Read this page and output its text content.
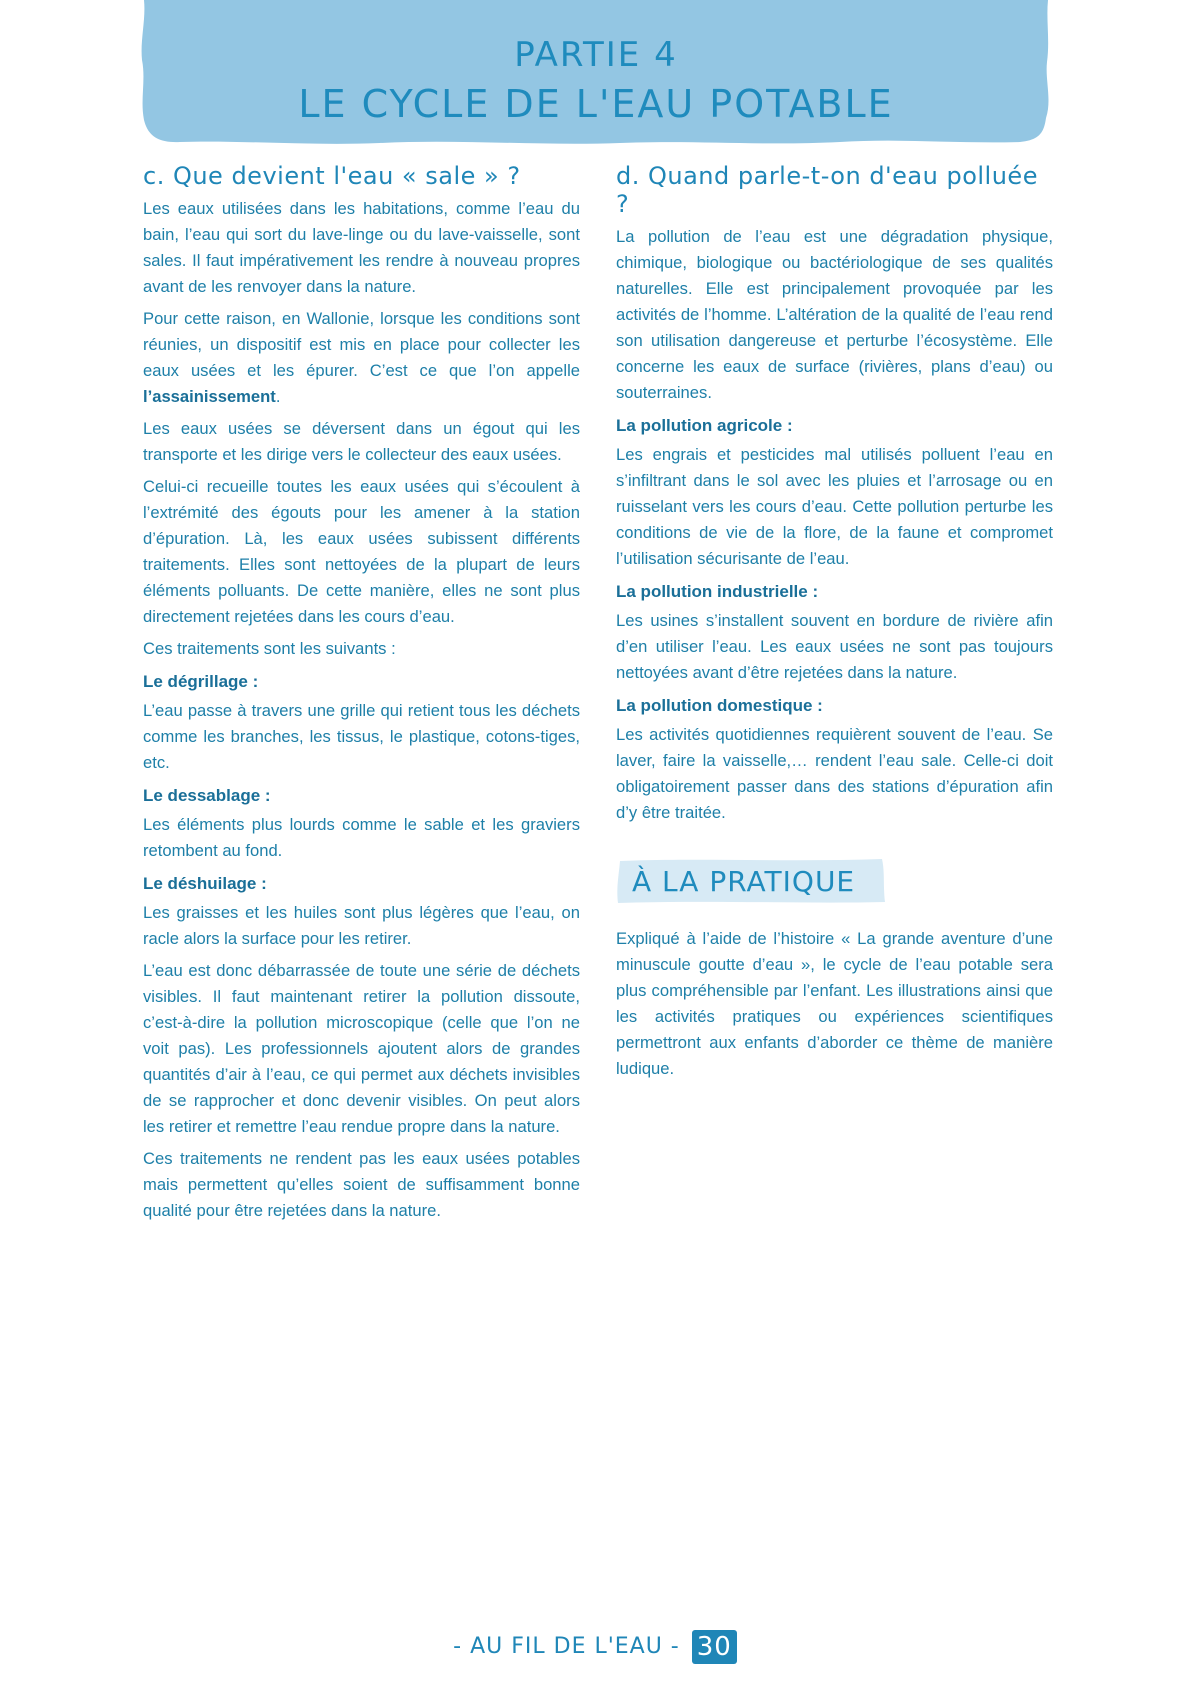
PARTIE 4
LE CYCLE DE L'EAU POTABLE
c. Que devient l'eau « sale » ?

Les eaux utilisées dans les habitations, comme l’eau du bain, l’eau qui sort du lave-linge ou du lave-vaisselle, sont sales. Il faut impérativement les rendre à nouveau propres avant de les renvoyer dans la nature.

Pour cette raison, en Wallonie, lorsque les conditions sont réunies, un dispositif est mis en place pour collecter les eaux usées et les épurer. C’est ce que l’on appelle l’assainissement.

Les eaux usées se déversent dans un égout qui les transporte et les dirige vers le collecteur des eaux usées.

Celui-ci recueille toutes les eaux usées qui s’écoulent à l’extrémité des égouts pour les amener à la station d’épuration. Là, les eaux usées subissent différents traitements. Elles sont nettoyées de la plupart de leurs éléments polluants. De cette manière, elles ne sont plus directement rejetées dans les cours d’eau.

Ces traitements sont les suivants :

Le dégrillage :

L’eau passe à travers une grille qui retient tous les déchets comme les branches, les tissus, le plastique, cotons-tiges, etc.

Le dessablage :

Les éléments plus lourds comme le sable et les graviers retombent au fond.

Le déshuilage :

Les graisses et les huiles sont plus légères que l’eau, on racle alors la surface pour les retirer.

L’eau est donc débarrassée de toute une série de déchets visibles. Il faut maintenant retirer la pollution dissoute, c’est-à-dire la pollution microscopique (celle que l’on ne voit pas). Les professionnels ajoutent alors de grandes quantités d’air à l’eau, ce qui permet aux déchets invisibles de se rapprocher et donc devenir visibles. On peut alors les retirer et remettre l’eau rendue propre dans la nature.

Ces traitements ne rendent pas les eaux usées potables mais permettent qu’elles soient de suffisamment bonne qualité pour être rejetées dans la nature.

d. Quand parle-t-on d'eau polluée ?

La pollution de l’eau est une dégradation physique, chimique, biologique ou bactériologique de ses qualités naturelles. Elle est principalement provoquée par les activités de l’homme. L’altération de la qualité de l’eau rend son utilisation dangereuse et perturbe l’écosystème. Elle concerne les eaux de surface (rivières, plans d’eau) ou souterraines.

La pollution agricole :

Les engrais et pesticides mal utilisés polluent l’eau en s’infiltrant dans le sol avec les pluies et l’arrosage ou en ruisselant vers les cours d’eau. Cette pollution perturbe les conditions de vie de la flore, de la faune et compromet l’utilisation sécurisante de l’eau.

La pollution industrielle :

Les usines s’installent souvent en bordure de rivière afin d’en utiliser l’eau. Les eaux usées ne sont pas toujours nettoyées avant d’être rejetées dans la nature.

La pollution domestique :

Les activités quotidiennes requièrent souvent de l’eau. Se laver, faire la vaisselle,… rendent l’eau sale. Celle-ci doit obligatoirement passer dans des stations d’épuration afin d’y être traitée.

À LA PRATIQUE

Expliqué à l’aide de l’histoire « La grande aventure d’une minuscule goutte d’eau », le cycle de l’eau potable sera plus compréhensible par l’enfant. Les illustrations ainsi que les activités pratiques ou expériences scientifiques permettront aux enfants d’aborder ce thème de manière ludique.

- AU FIL DE L'EAU - 30
